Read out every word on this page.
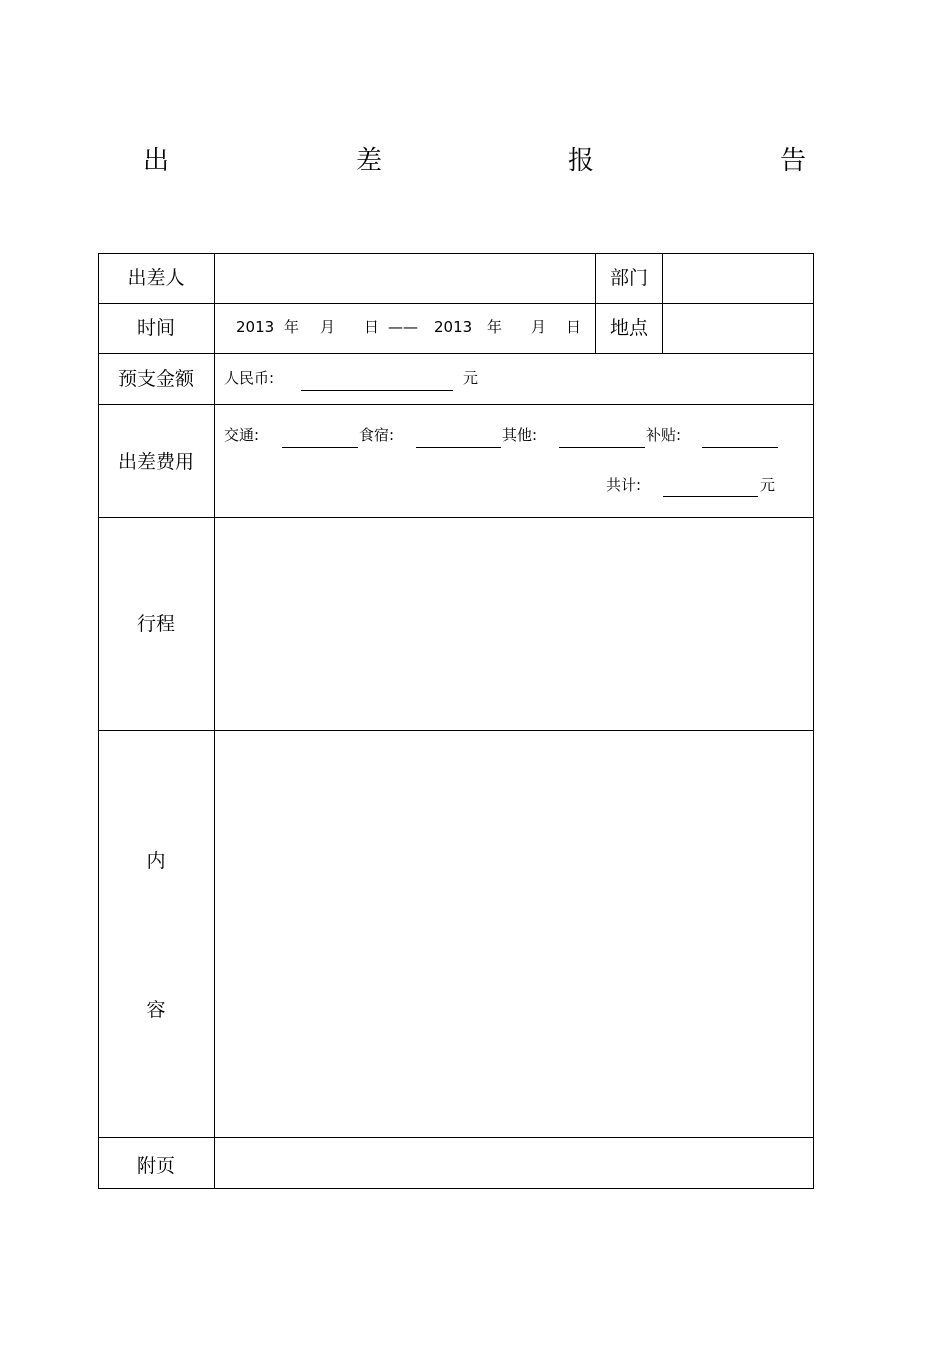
出	差	报	告
出差人	部门
时间	2013 年 月 日 —— 2013 年 月 日	地点
预支金额	人民币:	元
出差费用
交通:	食宿:	其他:	补贴:
共计:	元
行程
内
容
附页
